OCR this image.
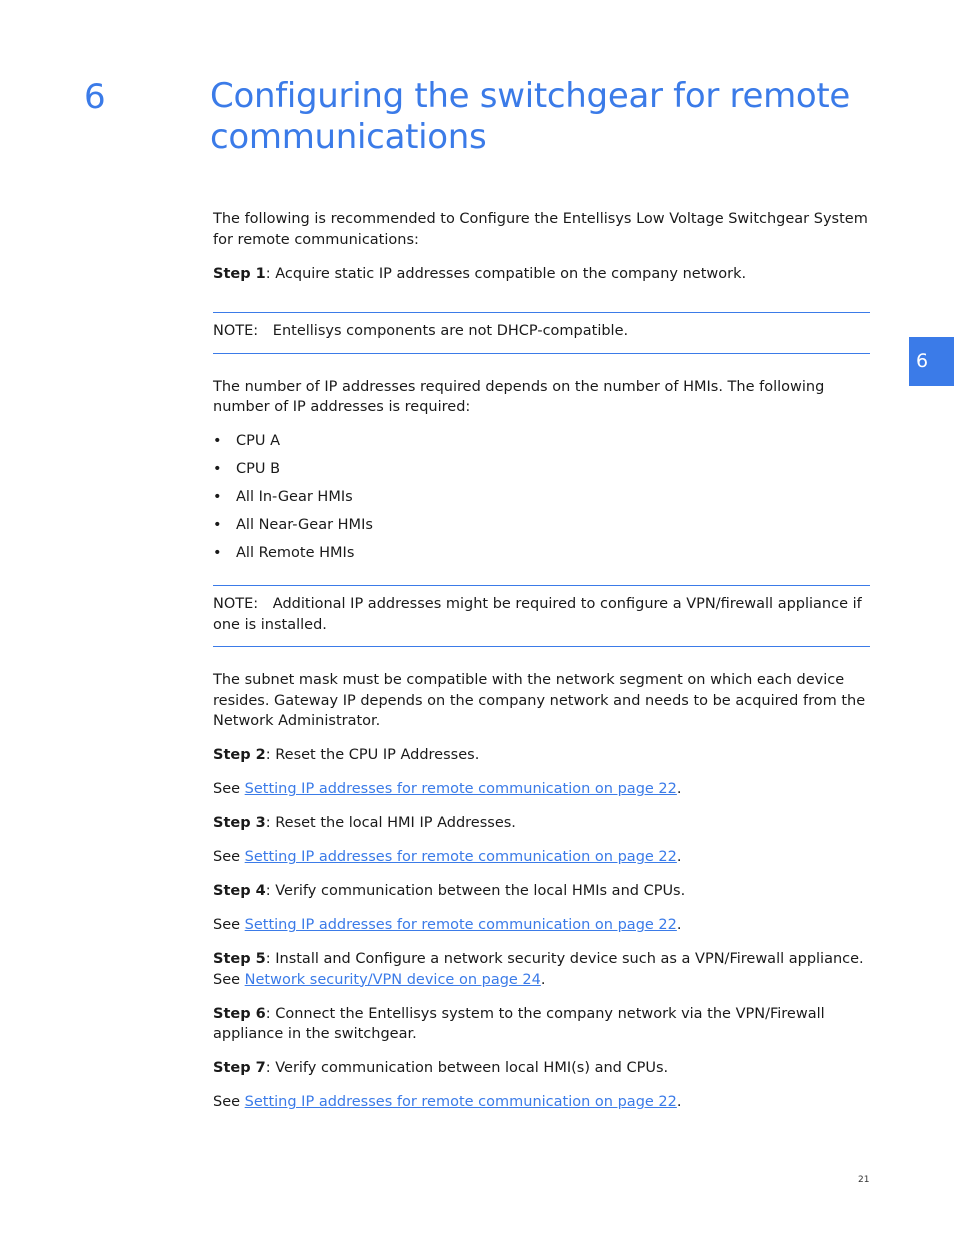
6	Configuring the switchgear for remote communications
6

The following is recommended to Configure the Entellisys Low Voltage Switchgear System for remote communications:

Step 1: Acquire static IP addresses compatible on the company network.

NOTE: Entellisys components are not DHCP-compatible.

The number of IP addresses required depends on the number of HMIs. The following number of IP addresses is required:

• CPU A
• CPU B
• All In-Gear HMIs
• All Near-Gear HMIs
• All Remote HMIs
NOTE: Additional IP addresses might be required to configure a VPN/firewall appliance if one is installed.

The subnet mask must be compatible with the network segment on which each device resides. Gateway IP depends on the company network and needs to be acquired from the Network Administrator.

Step 2: Reset the CPU IP Addresses.

See Setting IP addresses for remote communication on page 22.

Step 3: Reset the local HMI IP Addresses.

See Setting IP addresses for remote communication on page 22.

Step 4: Verify communication between the local HMIs and CPUs.

See Setting IP addresses for remote communication on page 22.

Step 5: Install and Configure a network security device such as a VPN/Firewall appliance. See Network security/VPN device on page 24.

Step 6: Connect the Entellisys system to the company network via the VPN/Firewall appliance in the switchgear.

Step 7: Verify communication between local HMI(s) and CPUs.

See Setting IP addresses for remote communication on page 22.

21
